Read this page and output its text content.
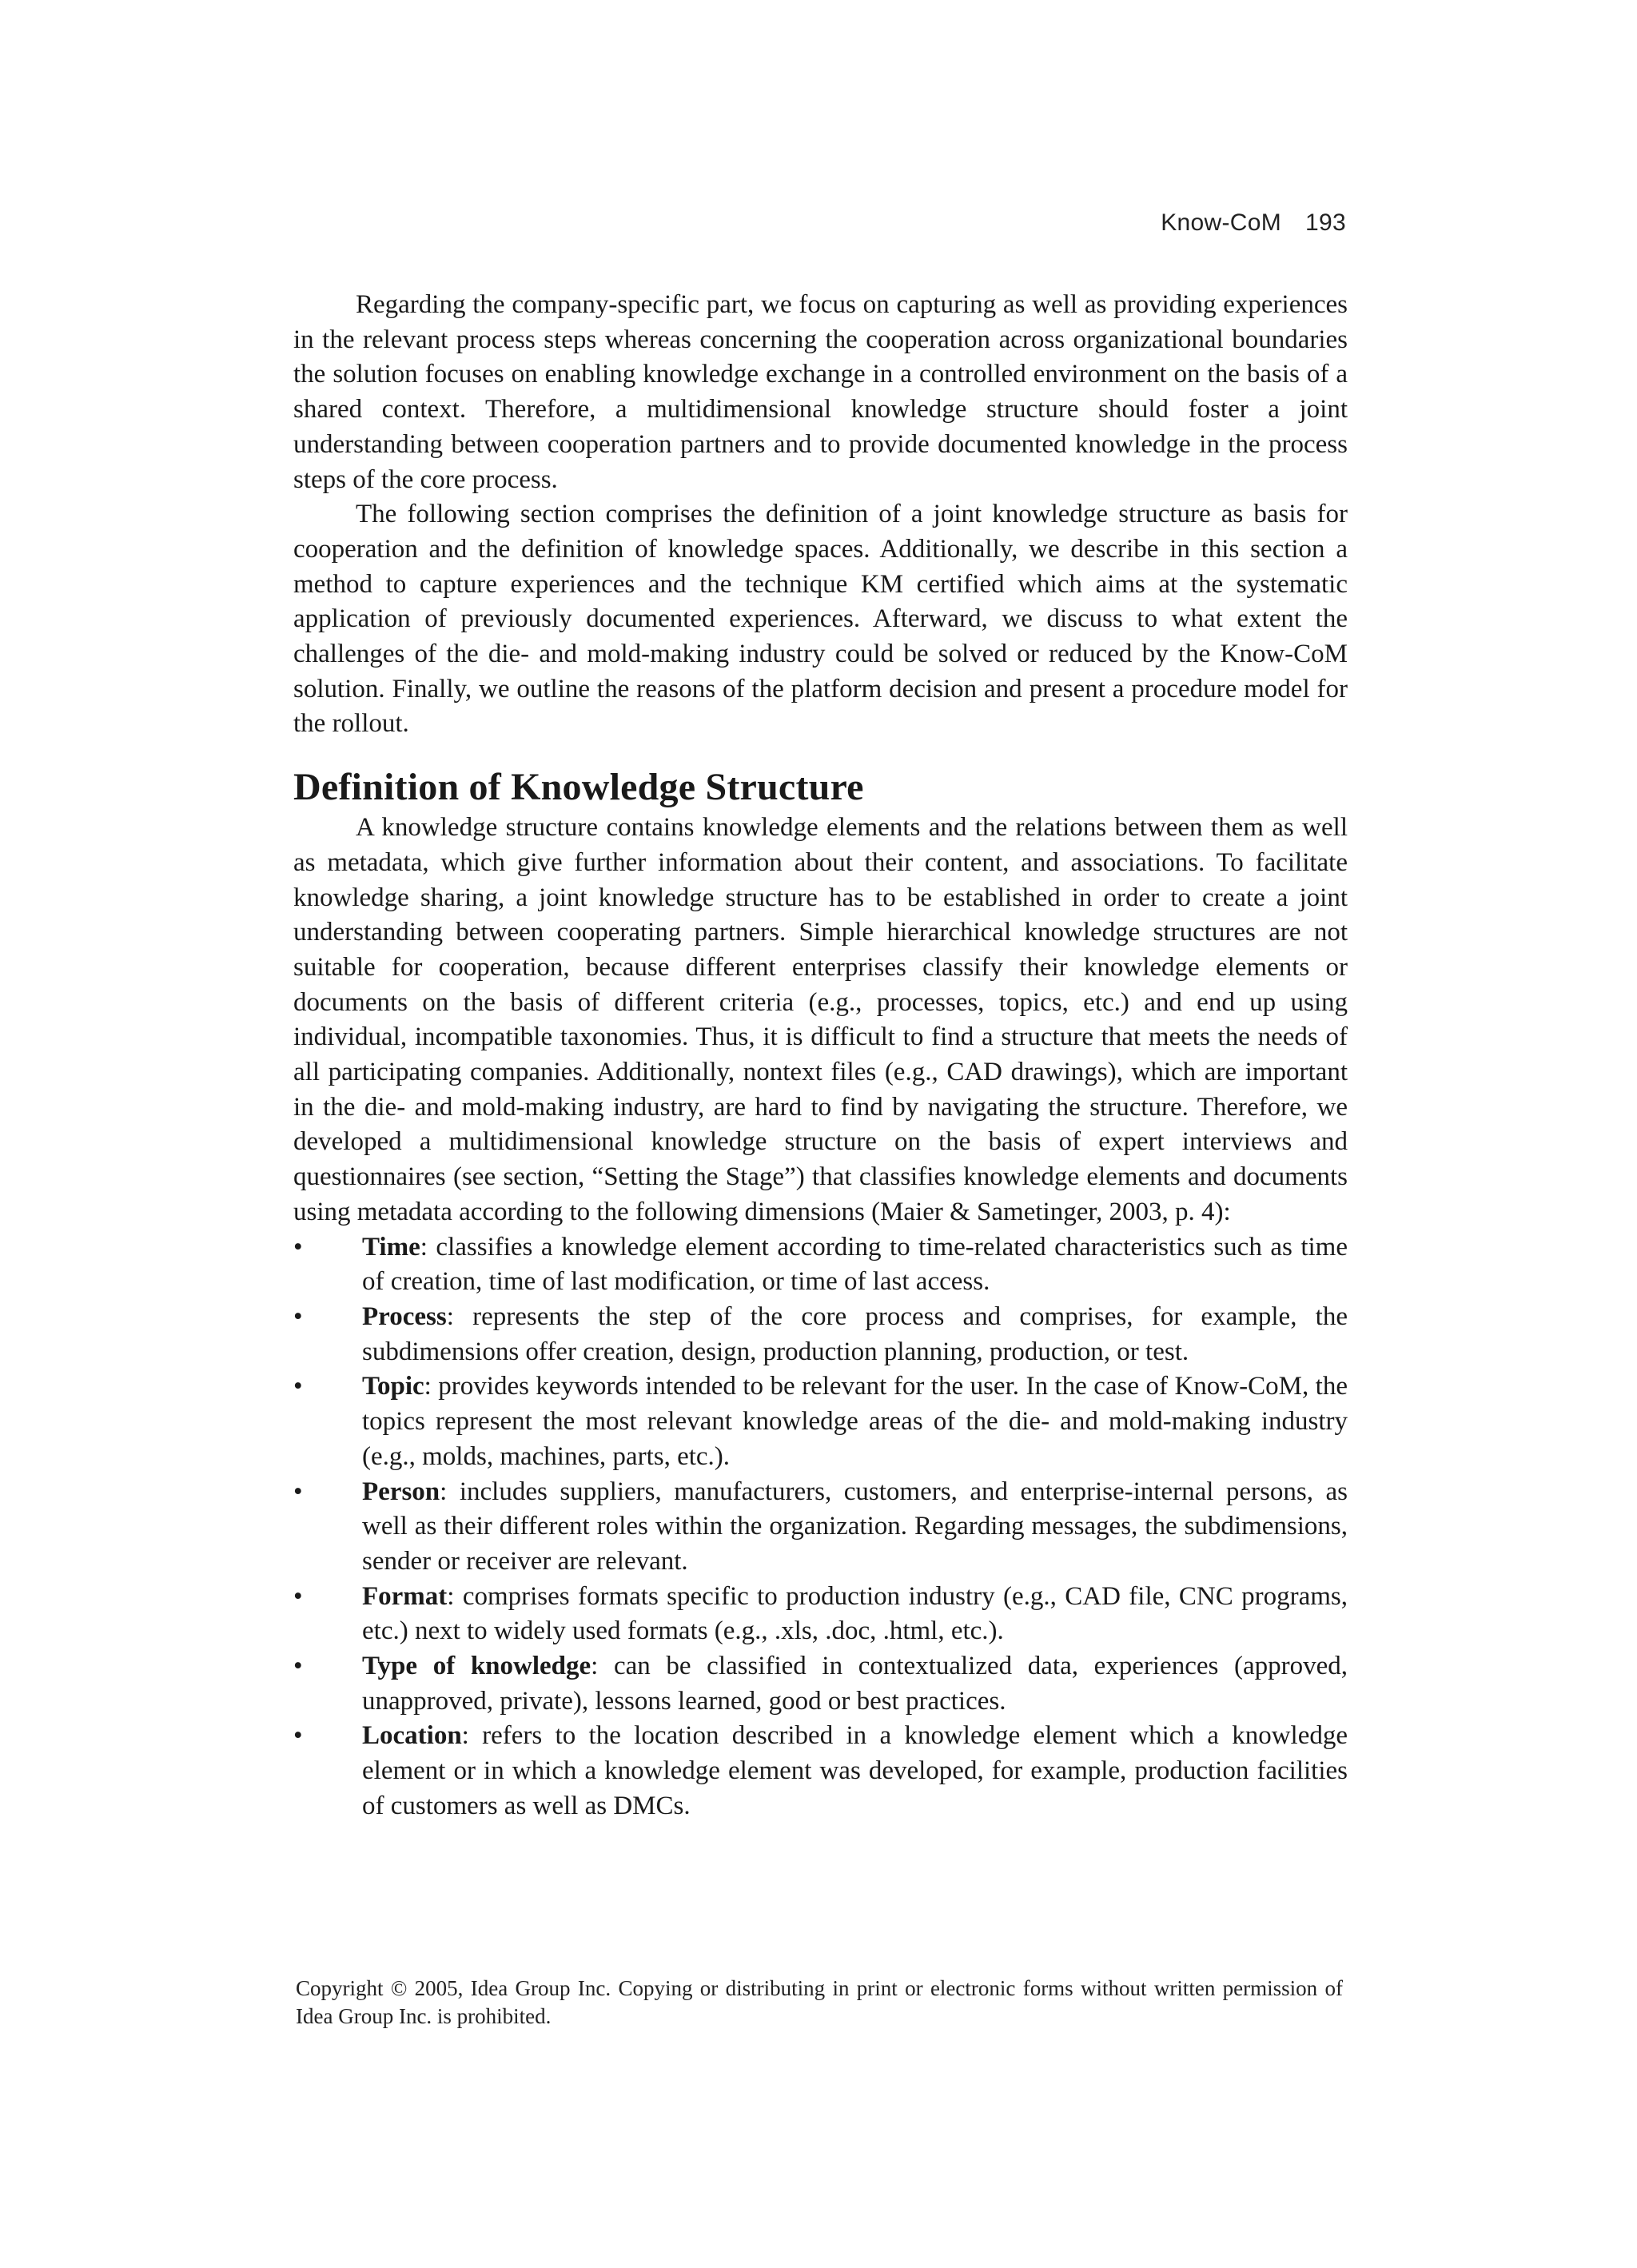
Know-CoM 193

Regarding the company-specific part, we focus on capturing as well as providing experiences in the relevant process steps whereas concerning the cooperation across organizational boundaries the solution focuses on enabling knowledge exchange in a controlled environment on the basis of a shared context. Therefore, a multidimensional knowledge structure should foster a joint understanding between cooperation partners and to provide documented knowledge in the process steps of the core process.

The following section comprises the definition of a joint knowledge structure as basis for cooperation and the definition of knowledge spaces. Additionally, we describe in this section a method to capture experiences and the technique KM certified which aims at the systematic application of previously documented experiences. Afterward, we discuss to what extent the challenges of the die- and mold-making industry could be solved or reduced by the Know-CoM solution. Finally, we outline the reasons of the platform decision and present a procedure model for the rollout.

Definition of Knowledge Structure

A knowledge structure contains knowledge elements and the relations between them as well as metadata, which give further information about their content, and associations. To facilitate knowledge sharing, a joint knowledge structure has to be established in order to create a joint understanding between cooperating partners. Simple hierarchical knowledge structures are not suitable for cooperation, because different enterprises classify their knowledge elements or documents on the basis of different criteria (e.g., processes, topics, etc.) and end up using individual, incompatible taxonomies. Thus, it is difficult to find a structure that meets the needs of all participating companies. Additionally, nontext files (e.g., CAD drawings), which are important in the die- and mold-making industry, are hard to find by navigating the structure. Therefore, we developed a multidimensional knowledge structure on the basis of expert interviews and questionnaires (see section, “Setting the Stage”) that classifies knowledge elements and documents using metadata according to the following dimensions (Maier & Sametinger, 2003, p. 4):

• Time: classifies a knowledge element according to time-related characteristics such as time of creation, time of last modification, or time of last access.
• Process: represents the step of the core process and comprises, for example, the subdimensions offer creation, design, production planning, production, or test.
• Topic: provides keywords intended to be relevant for the user. In the case of Know-CoM, the topics represent the most relevant knowledge areas of the die- and mold-making industry (e.g., molds, machines, parts, etc.).
• Person: includes suppliers, manufacturers, customers, and enterprise-internal persons, as well as their different roles within the organization. Regarding messages, the subdimensions, sender or receiver are relevant.
• Format: comprises formats specific to production industry (e.g., CAD file, CNC programs, etc.) next to widely used formats (e.g., .xls, .doc, .html, etc.).
• Type of knowledge: can be classified in contextualized data, experiences (approved, unapproved, private), lessons learned, good or best practices.
• Location: refers to the location described in a knowledge element which a knowledge element or in which a knowledge element was developed, for example, production facilities of customers as well as DMCs.
Copyright © 2005, Idea Group Inc. Copying or distributing in print or electronic forms without written permission of Idea Group Inc. is prohibited.
